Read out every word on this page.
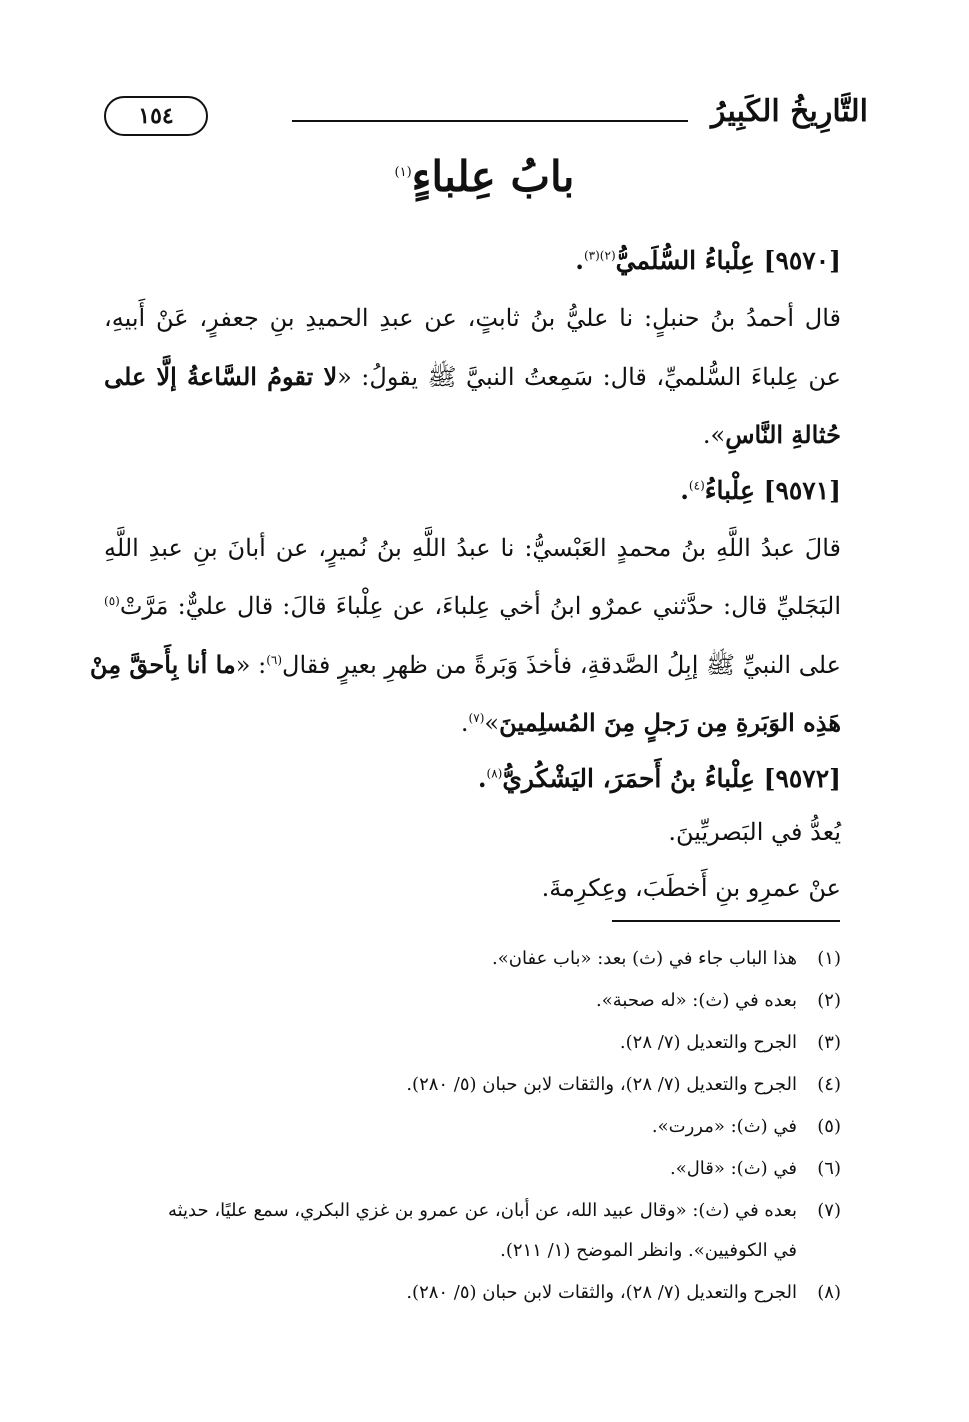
التَّارِيخُ الكَبِيرُ
١٥٤
بابُ عِلباءٍ$^{(١)}$
[٩٥٧٠] عِلْباءُ السُّلَميُّ$^{(٢)(٣)}$.
قال أحمدُ بنُ حنبلٍ: نا عليُّ بنُ ثابتٍ، عن عبدِ الحميدِ بنِ جعفرٍ، عَنْ أَبيهِ،
عن عِلباءَ السُّلميِّ، قال: سَمِعتُ النبيَّ ﷺ يقولُ: «لا تقومُ السَّاعةُ إلَّا على
حُثالةِ النَّاسِ».
[٩٥٧١] عِلْباءُ$^{(٤)}$.
قالَ عبدُ اللَّهِ بنُ محمدٍ العَبْسيُّ: نا عبدُ اللَّهِ بنُ نُميرٍ، عن أبانَ بنِ عبدِ اللَّهِ
البَجَليِّ قال: حدَّثني عمرٌو ابنُ أخي عِلباءَ، عن عِلْباءَ قالَ: قال عليٌّ: مَرَّتْ$^{(٥)}$
على النبيِّ ﷺ إبِلُ الصَّدقةِ، فأخذَ وَبَرةً من ظهرِ بعيرٍ فقال$^{(٦)}$: «ما أنا بِأَحقَّ مِنْ
هَذِه الوَبَرةِ مِن رَجلٍ مِنَ المُسلِمينَ»$^{(٧)}$.
[٩٥٧٢] عِلْباءُ بنُ أَحمَرَ، اليَشْكُريُّ$^{(٨)}$.
يُعدُّ في البَصريِّينَ.
عنْ عمرِو بنِ أَخطَبَ، وعِكرِمةَ.
(١)هذا الباب جاء في (ث) بعد: «باب عفان».
(٢)بعده في (ث): «له صحبة».
(٣)الجرح والتعديل (٧/ ٢٨).
(٤)الجرح والتعديل (٧/ ٢٨)، والثقات لابن حبان (٥/ ٢٨٠).
(٥)في (ث): «مررت».
(٦)في (ث): «قال».
(٧)بعده في (ث): «وقال عبيد الله، عن أبان، عن عمرو بن غزي البكري، سمع عليًا، حديثه
في الكوفيين». وانظر الموضح (١/ ٢١١).
(٨)الجرح والتعديل (٧/ ٢٨)، والثقات لابن حبان (٥/ ٢٨٠).
